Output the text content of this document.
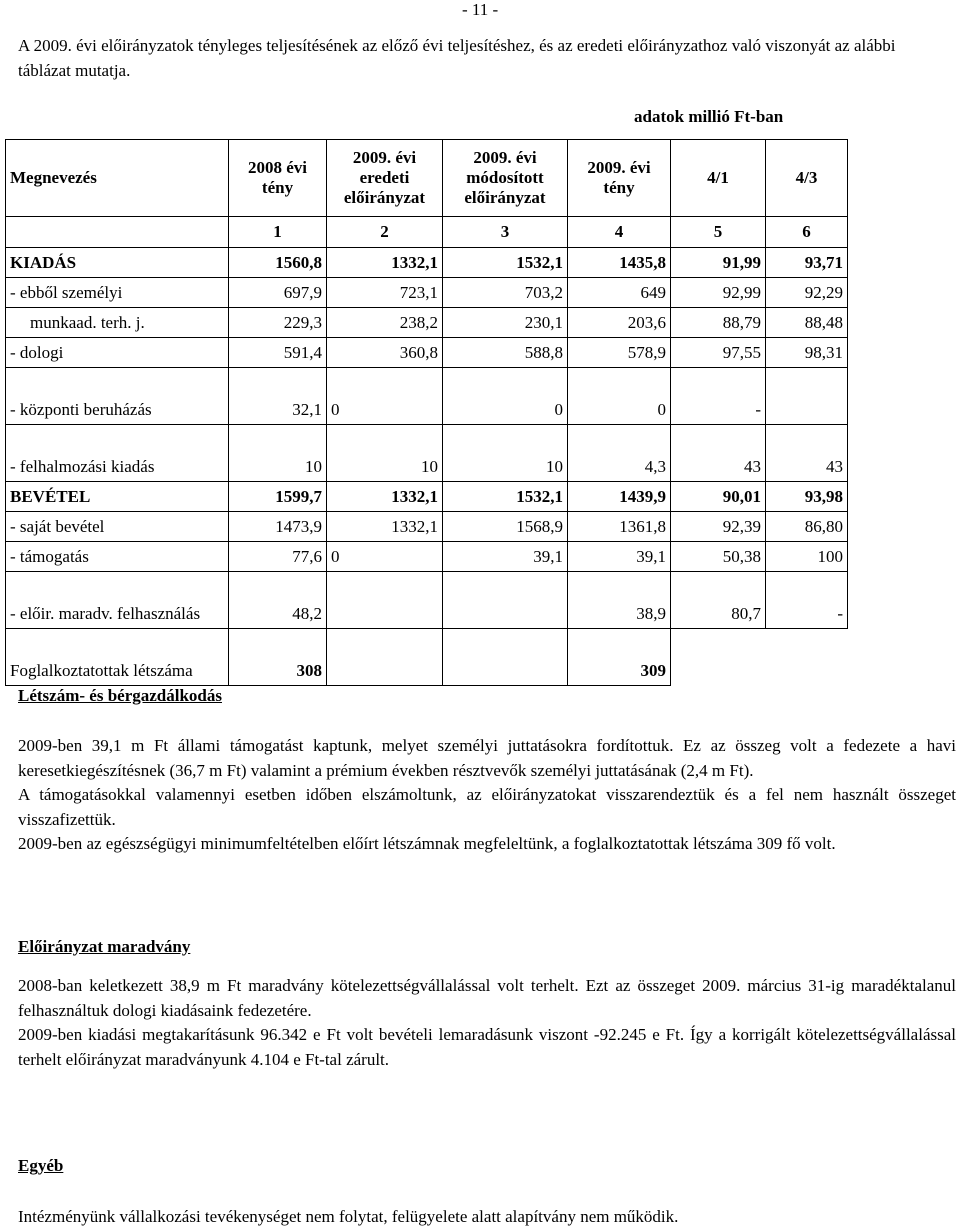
- 11 -
A 2009. évi előirányzatok tényleges teljesítésének az előző évi teljesítéshez, és az eredeti előirányzathoz való viszonyát az alábbi táblázat mutatja.
adatok millió Ft-ban
Megnevezés	2008 évi tény	2009. évi eredeti előirányzat	2009. évi módosított előirányzat	2009. évi tény	4/1	4/3
	1	2	3	4	5	6
KIADÁS	1560,8	1332,1	1532,1	1435,8	91,99	93,71
- ebből személyi	697,9	723,1	703,2	649	92,99	92,29
munkaad. terh. j.	229,3	238,2	230,1	203,6	88,79	88,48
- dologi	591,4	360,8	588,8	578,9	97,55	98,31
- központi beruházás	32,1	0	0	0	-	
- felhalmozási kiadás	10	10	10	4,3	43	43
BEVÉTEL	1599,7	1332,1	1532,1	1439,9	90,01	93,98
- saját bevétel	1473,9	1332,1	1568,9	1361,8	92,39	86,80
- támogatás	77,6	0	39,1	39,1	50,38	100
- előir. maradv. felhasználás	48,2			38,9	80,7	-
Foglalkoztatottak létszáma	308			309		
Létszám- és bérgazdálkodás

2009-ben 39,1 m Ft állami támogatást kaptunk, melyet személyi juttatásokra fordítottuk. Ez az összeg volt a fedezete a havi keresetkiegészítésnek (36,7 m Ft) valamint a prémium években résztvevők személyi juttatásának (2,4 m Ft).

A támogatásokkal valamennyi esetben időben elszámoltunk, az előirányzatokat visszarendeztük és a fel nem használt összeget visszafizettük.

2009-ben az egészségügyi minimumfeltételben előírt létszámnak megfeleltünk, a foglalkoztatottak létszáma 309 fő volt.

Előirányzat maradvány

2008-ban keletkezett 38,9 m Ft maradvány kötelezettségvállalással volt terhelt. Ezt az összeget 2009. március 31-ig maradéktalanul felhasználtuk dologi kiadásaink fedezetére.

2009-ben kiadási megtakarításunk 96.342 e Ft volt bevételi lemaradásunk viszont -92.245 e Ft. Így a korrigált kötelezettségvállalással terhelt előirányzat maradványunk 4.104 e Ft-tal zárult.

Egyéb

Intézményünk vállalkozási tevékenységet nem folytat, felügyelete alatt alapítvány nem működik.
